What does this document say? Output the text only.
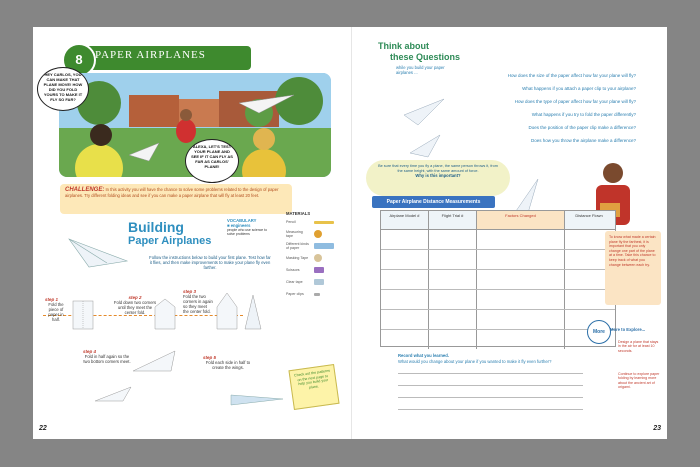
8	PAPER AIRPLANES
HEY CARLOS, YOU CAN MAKE THAT PLANE MOVE! HOW DID YOU FOLD YOURS TO MAKE IT FLY SO FAR?
ALEXA, LET'S TEST YOUR PLANE AND SEE IF IT CAN FLY AS FAR AS CARLOS' PLANE!
CHALLENGE: In this activity you will have the chance to solve some problems related to the design of paper airplanes. Try different folding ideas and see if you can make a paper airplane that will fly at least 20 feet.
VOCABULARY
■ engineers
people who use science to solve problems
Building
Paper Airplanes
Follow the instructions below to build your first plane. Test how far it flies, and then make improvements to make your plane fly even farther.
MATERIALS
Pencil
Measuring tape
Different kinds of paper
Masking Tape
Scissors
Clear tape
Paper clips
step 1
Fold the piece of paper in half.
step 2
Fold down two corners until they meet the center fold.
step 3
Fold the two corners in again so they meet the center fold.
step 4
Fold in half again so the two bottom corners meet.
step 5
Fold each side in half to create the wings.
Check out the patterns on the next page to help you build your plane.
22
Think about
these Questions
while you build your paper airplanes ...
How does the size of the paper affect how far your plane will fly?
What happens if you attach a paper clip to your airplane?
How does the type of paper affect how far your plane will fly?
What happens if you try to fold the paper differently?
Does the position of the paper clip make a difference?
Does how you throw the airplane make a difference?
Be sure that every time you fly a plane, the same person throws it, from the same height, with the same amount of force.
Why is this important?
Paper Airplane Distance Measurements
Airplane Model #	Flight Trial #	Factors Changed	Distance Flown
To know what made a certain plane fly the farthest, it is important that you only change one part of the plane at a time. Take this chance to keep track of what you change between each try.
More	More to Explore...
Design a plane that stays in the air for at least 10 seconds.
Continue to explore paper folding by learning more about the ancient art of origami.
Record what you learned.
What would you change about your plane if you wanted to make it fly even further?
23
